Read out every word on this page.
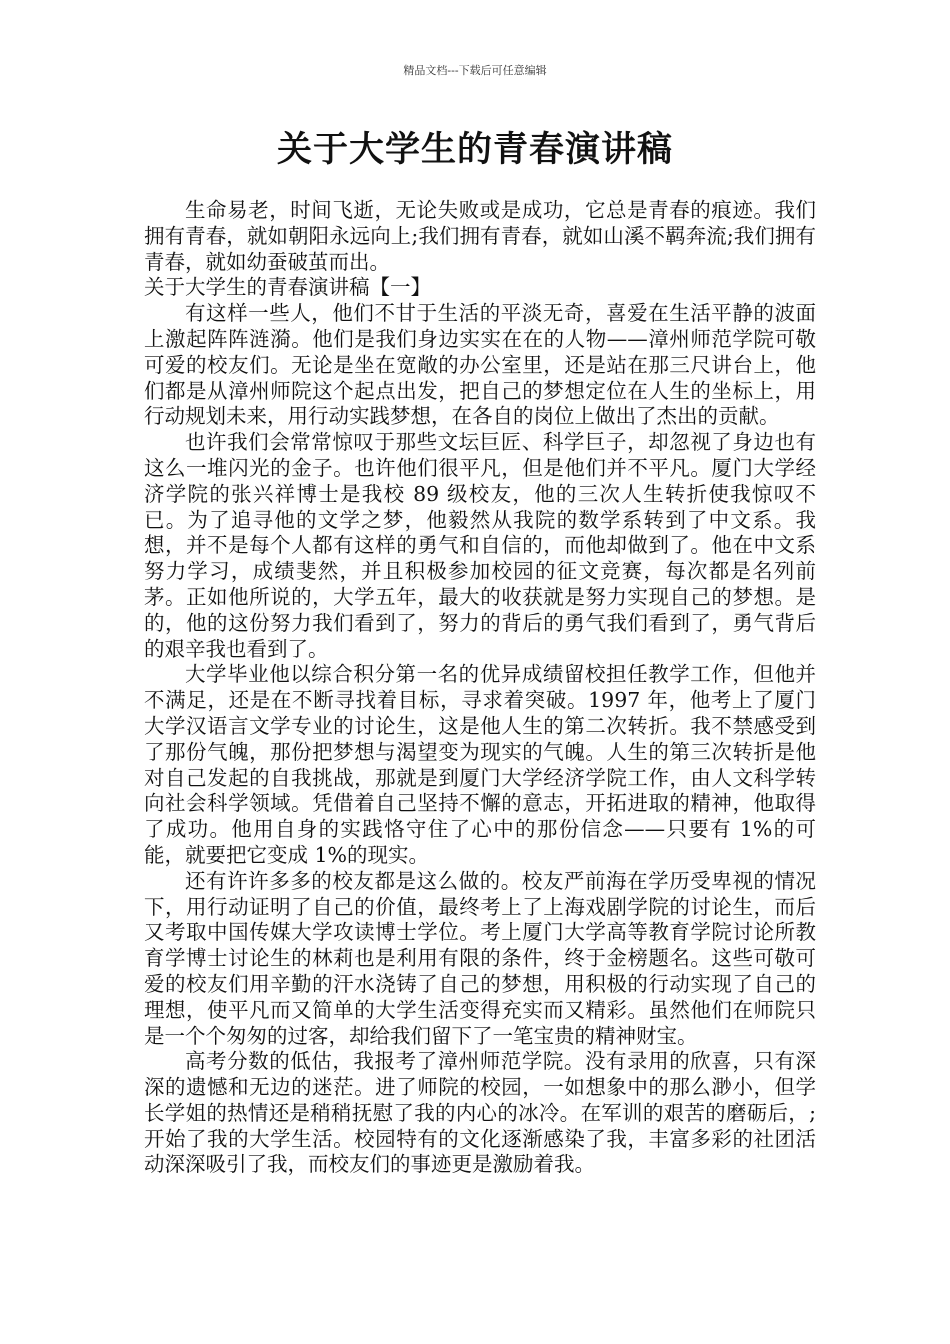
精品文档---下载后可任意编辑
关于大学生的青春演讲稿

生命易老，时间飞逝，无论失败或是成功，它总是青春的痕迹。我们拥有青春，就如朝阳永远向上;我们拥有青春，就如山溪不羁奔流;我们拥有青春，就如幼蚕破茧而出。

关于大学生的青春演讲稿【一】

有这样一些人，他们不甘于生活的平淡无奇，喜爱在生活平静的波面上激起阵阵涟漪。他们是我们身边实实在在的人物——漳州师范学院可敬可爱的校友们。无论是坐在宽敞的办公室里，还是站在那三尺讲台上，他们都是从漳州师院这个起点出发，把自己的梦想定位在人生的坐标上，用行动规划未来，用行动实践梦想，在各自的岗位上做出了杰出的贡献。

也许我们会常常惊叹于那些文坛巨匠、科学巨子，却忽视了身边也有这么一堆闪光的金子。也许他们很平凡，但是他们并不平凡。厦门大学经济学院的张兴祥博士是我校 89 级校友，他的三次人生转折使我惊叹不已。为了追寻他的文学之梦，他毅然从我院的数学系转到了中文系。我想，并不是每个人都有这样的勇气和自信的，而他却做到了。他在中文系努力学习，成绩斐然，并且积极参加校园的征文竞赛，每次都是名列前茅。正如他所说的，大学五年，最大的收获就是努力实现自己的梦想。是的，他的这份努力我们看到了，努力的背后的勇气我们看到了，勇气背后的艰辛我也看到了。

大学毕业他以综合积分第一名的优异成绩留校担任教学工作，但他并不满足，还是在不断寻找着目标，寻求着突破。1997 年，他考上了厦门大学汉语言文学专业的讨论生，这是他人生的第二次转折。我不禁感受到了那份气魄，那份把梦想与渴望变为现实的气魄。人生的第三次转折是他对自己发起的自我挑战，那就是到厦门大学经济学院工作，由人文科学转向社会科学领域。凭借着自己坚持不懈的意志，开拓进取的精神，他取得了成功。他用自身的实践恪守住了心中的那份信念——只要有 1%的可能，就要把它变成 1%的现实。

还有许许多多的校友都是这么做的。校友严前海在学历受卑视的情况下，用行动证明了自己的价值，最终考上了上海戏剧学院的讨论生，而后又考取中国传媒大学攻读博士学位。考上厦门大学高等教育学院讨论所教育学博士讨论生的林莉也是利用有限的条件，终于金榜题名。这些可敬可爱的校友们用辛勤的汗水浇铸了自己的梦想，用积极的行动实现了自己的理想，使平凡而又简单的大学生活变得充实而又精彩。虽然他们在师院只是一个个匆匆的过客，却给我们留下了一笔宝贵的精神财宝。

高考分数的低估，我报考了漳州师范学院。没有录用的欣喜，只有深深的遗憾和无边的迷茫。进了师院的校园，一如想象中的那么渺小，但学长学姐的热情还是稍稍抚慰了我的内心的冰冷。在军训的艰苦的磨砺后，;开始了我的大学生活。校园特有的文化逐渐感染了我，丰富多彩的社团活动深深吸引了我，而校友们的事迹更是激励着我。
